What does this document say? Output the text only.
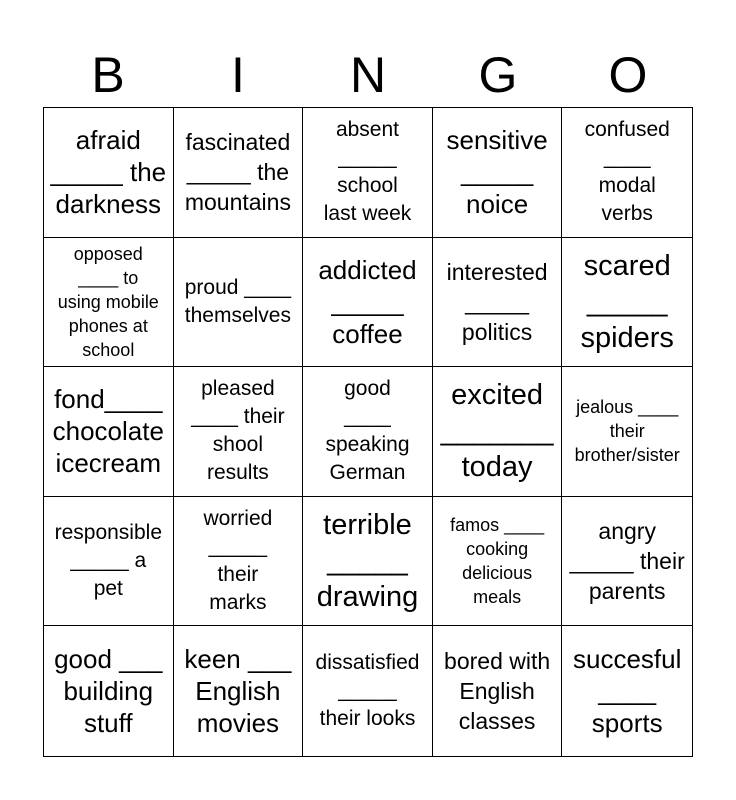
B	I	N	G	O
afraid
_____ the
darkness
fascinated
_____ the
mountains
absent
_____
school
last week
sensitive
_____
noice
confused
____
modal
verbs
opposed
____ to
using mobile
phones at
school
proud ____
themselves
addicted
_____
coffee
interested
_____
politics
scared
_____
spiders
fond____
chocolate
icecream
pleased
____ their
shool
results
good
____
speaking
German
excited
_______
today
jealous ____
their
brother/sister
responsible
_____ a
pet
worried
_____
their
marks
terrible
_____
drawing
famos ____
cooking
delicious
meals
angry
_____ their
parents
good ___
building
stuff
keen ___
English
movies
dissatisfied
_____
their looks
bored with
English
classes
succesful
____
sports
